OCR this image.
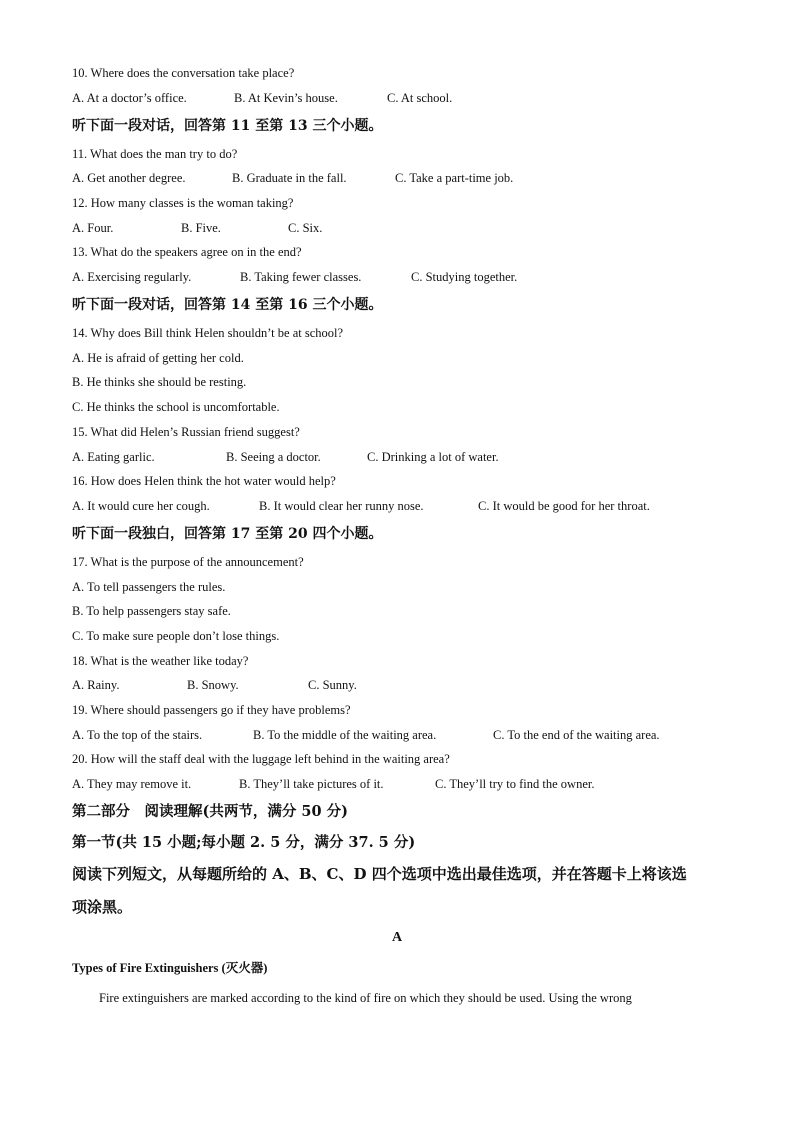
10. Where does the conversation take place?
A. At a doctor’s office.	B. At Kevin’s house.	C. At school.
听下面一段对话，回答第 11 至第 13 三个小题。
11. What does the man try to do?
A. Get another degree.	B. Graduate in the fall.	C. Take a part-time job.
12. How many classes is the woman taking?
A. Four.	B. Five.	C. Six.
13. What do the speakers agree on in the end?
A. Exercising regularly.	B. Taking fewer classes.	C. Studying together.
听下面一段对话，回答第 14 至第 16 三个小题。
14. Why does Bill think Helen shouldn’t be at school?
A. He is afraid of getting her cold.
B. He thinks she should be resting.
C. He thinks the school is uncomfortable.
15. What did Helen’s Russian friend suggest?
A. Eating garlic.	B. Seeing a doctor.	C. Drinking a lot of water.
16. How does Helen think the hot water would help?
A. It would cure her cough.	B. It would clear her runny nose.	C. It would be good for her throat.
听下面一段独白，回答第 17 至第 20 四个小题。
17. What is the purpose of the announcement?
A. To tell passengers the rules.
B. To help passengers stay safe.
C. To make sure people don’t lose things.
18. What is the weather like today?
A. Rainy.	B. Snowy.	C. Sunny.
19. Where should passengers go if they have problems?
A. To the top of the stairs.	B. To the middle of the waiting area.	C. To the end of the waiting area.
20. How will the staff deal with the luggage left behind in the waiting area?
A. They may remove it.	B. They’ll take pictures of it.	C. They’ll try to find the owner.
第二部分　阅读理解(共两节，满分 50 分)
第一节(共 15 小题;每小题 2. 5 分，满分 37. 5 分)
阅读下列短文，从每题所给的 A、B、C、D 四个选项中选出最佳选项，并在答题卡上将该选
项涂黑。
A
Types of Fire Extinguishers (灭火器)
Fire extinguishers are marked according to the kind of fire on which they should be used. Using the wrong
